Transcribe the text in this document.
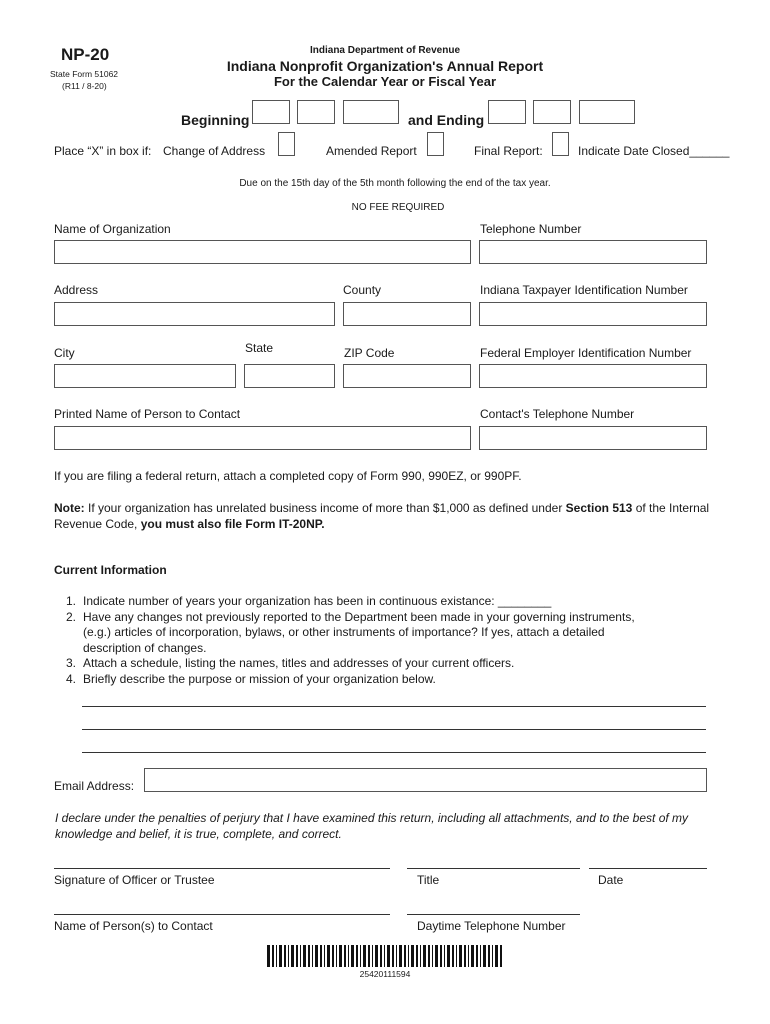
NP-20
State Form 51062
(R11 / 8-20)
Indiana Department of Revenue
Indiana Nonprofit Organization's Annual Report
For the Calendar Year or Fiscal Year
Beginning	and Ending
Place “X” in box if: Change of Address	Amended Report	Final Report:	Indicate Date Closed______
Due on the 15th day of the 5th month following the end of the tax year.
NO FEE REQUIRED
Name of Organization	Telephone Number
Address	County	Indiana Taxpayer Identification Number
City	State	ZIP Code	Federal Employer Identification Number
Printed Name of Person to Contact	Contact's Telephone Number
If you are filing a federal return, attach a completed copy of Form 990, 990EZ, or 990PF.
Note: If your organization has unrelated business income of more than $1,000 as defined under Section 513 of the Internal Revenue Code, you must also file Form IT-20NP.
Current Information
1. Indicate number of years your organization has been in continuous existance: ________
2. Have any changes not previously reported to the Department been made in your governing instruments,
(e.g.) articles of incorporation, bylaws, or other instruments of importance? If yes, attach a detailed
description of changes.
3. Attach a schedule, listing the names, titles and addresses of your current officers.
4. Briefly describe the purpose or mission of your organization below.
Email Address:
I declare under the penalties of perjury that I have examined this return, including all attachments, and to the best of my knowledge and belief, it is true, complete, and correct.
Signature of Officer or Trustee	Title	Date
Name of Person(s) to Contact	Daytime Telephone Number
25420111594
